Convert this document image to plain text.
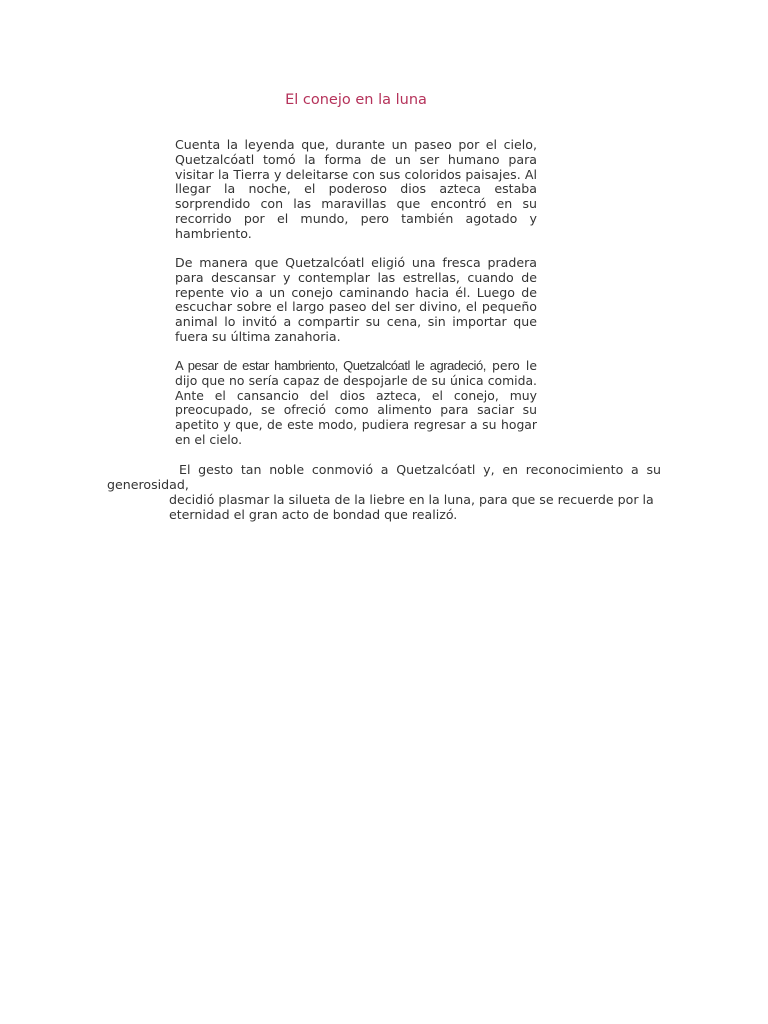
El conejo en la luna

Cuenta la leyenda que, durante un paseo por el cielo, Quetzalcóatl tomó la forma de un ser humano para visitar la Tierra y deleitarse con sus coloridos paisajes. Al llegar la noche, el poderoso dios azteca estaba sorprendido con las maravillas que encontró en su recorrido por el mundo, pero también agotado y hambriento.

De manera que Quetzalcóatl eligió una fresca pradera para descansar y contemplar las estrellas, cuando de repente vio a un conejo caminando hacia él. Luego de escuchar sobre el largo paseo del ser divino, el pequeño animal lo invitó a compartir su cena, sin importar que fuera su última zanahoria.

A pesar de estar hambriento, Quetzalcóatl le agradeció, pero le dijo que no sería capaz de despojarle de su única comida. Ante el cansancio del dios azteca, el conejo, muy preocupado, se ofreció como alimento para saciar su apetito y que, de este modo, pudiera regresar a su hogar en el cielo.

El gesto tan noble conmovió a Quetzalcóatl y, en reconocimiento a su generosidad,

decidió plasmar la silueta de la liebre en la luna, para que se recuerde por la eternidad el gran acto de bondad que realizó.
